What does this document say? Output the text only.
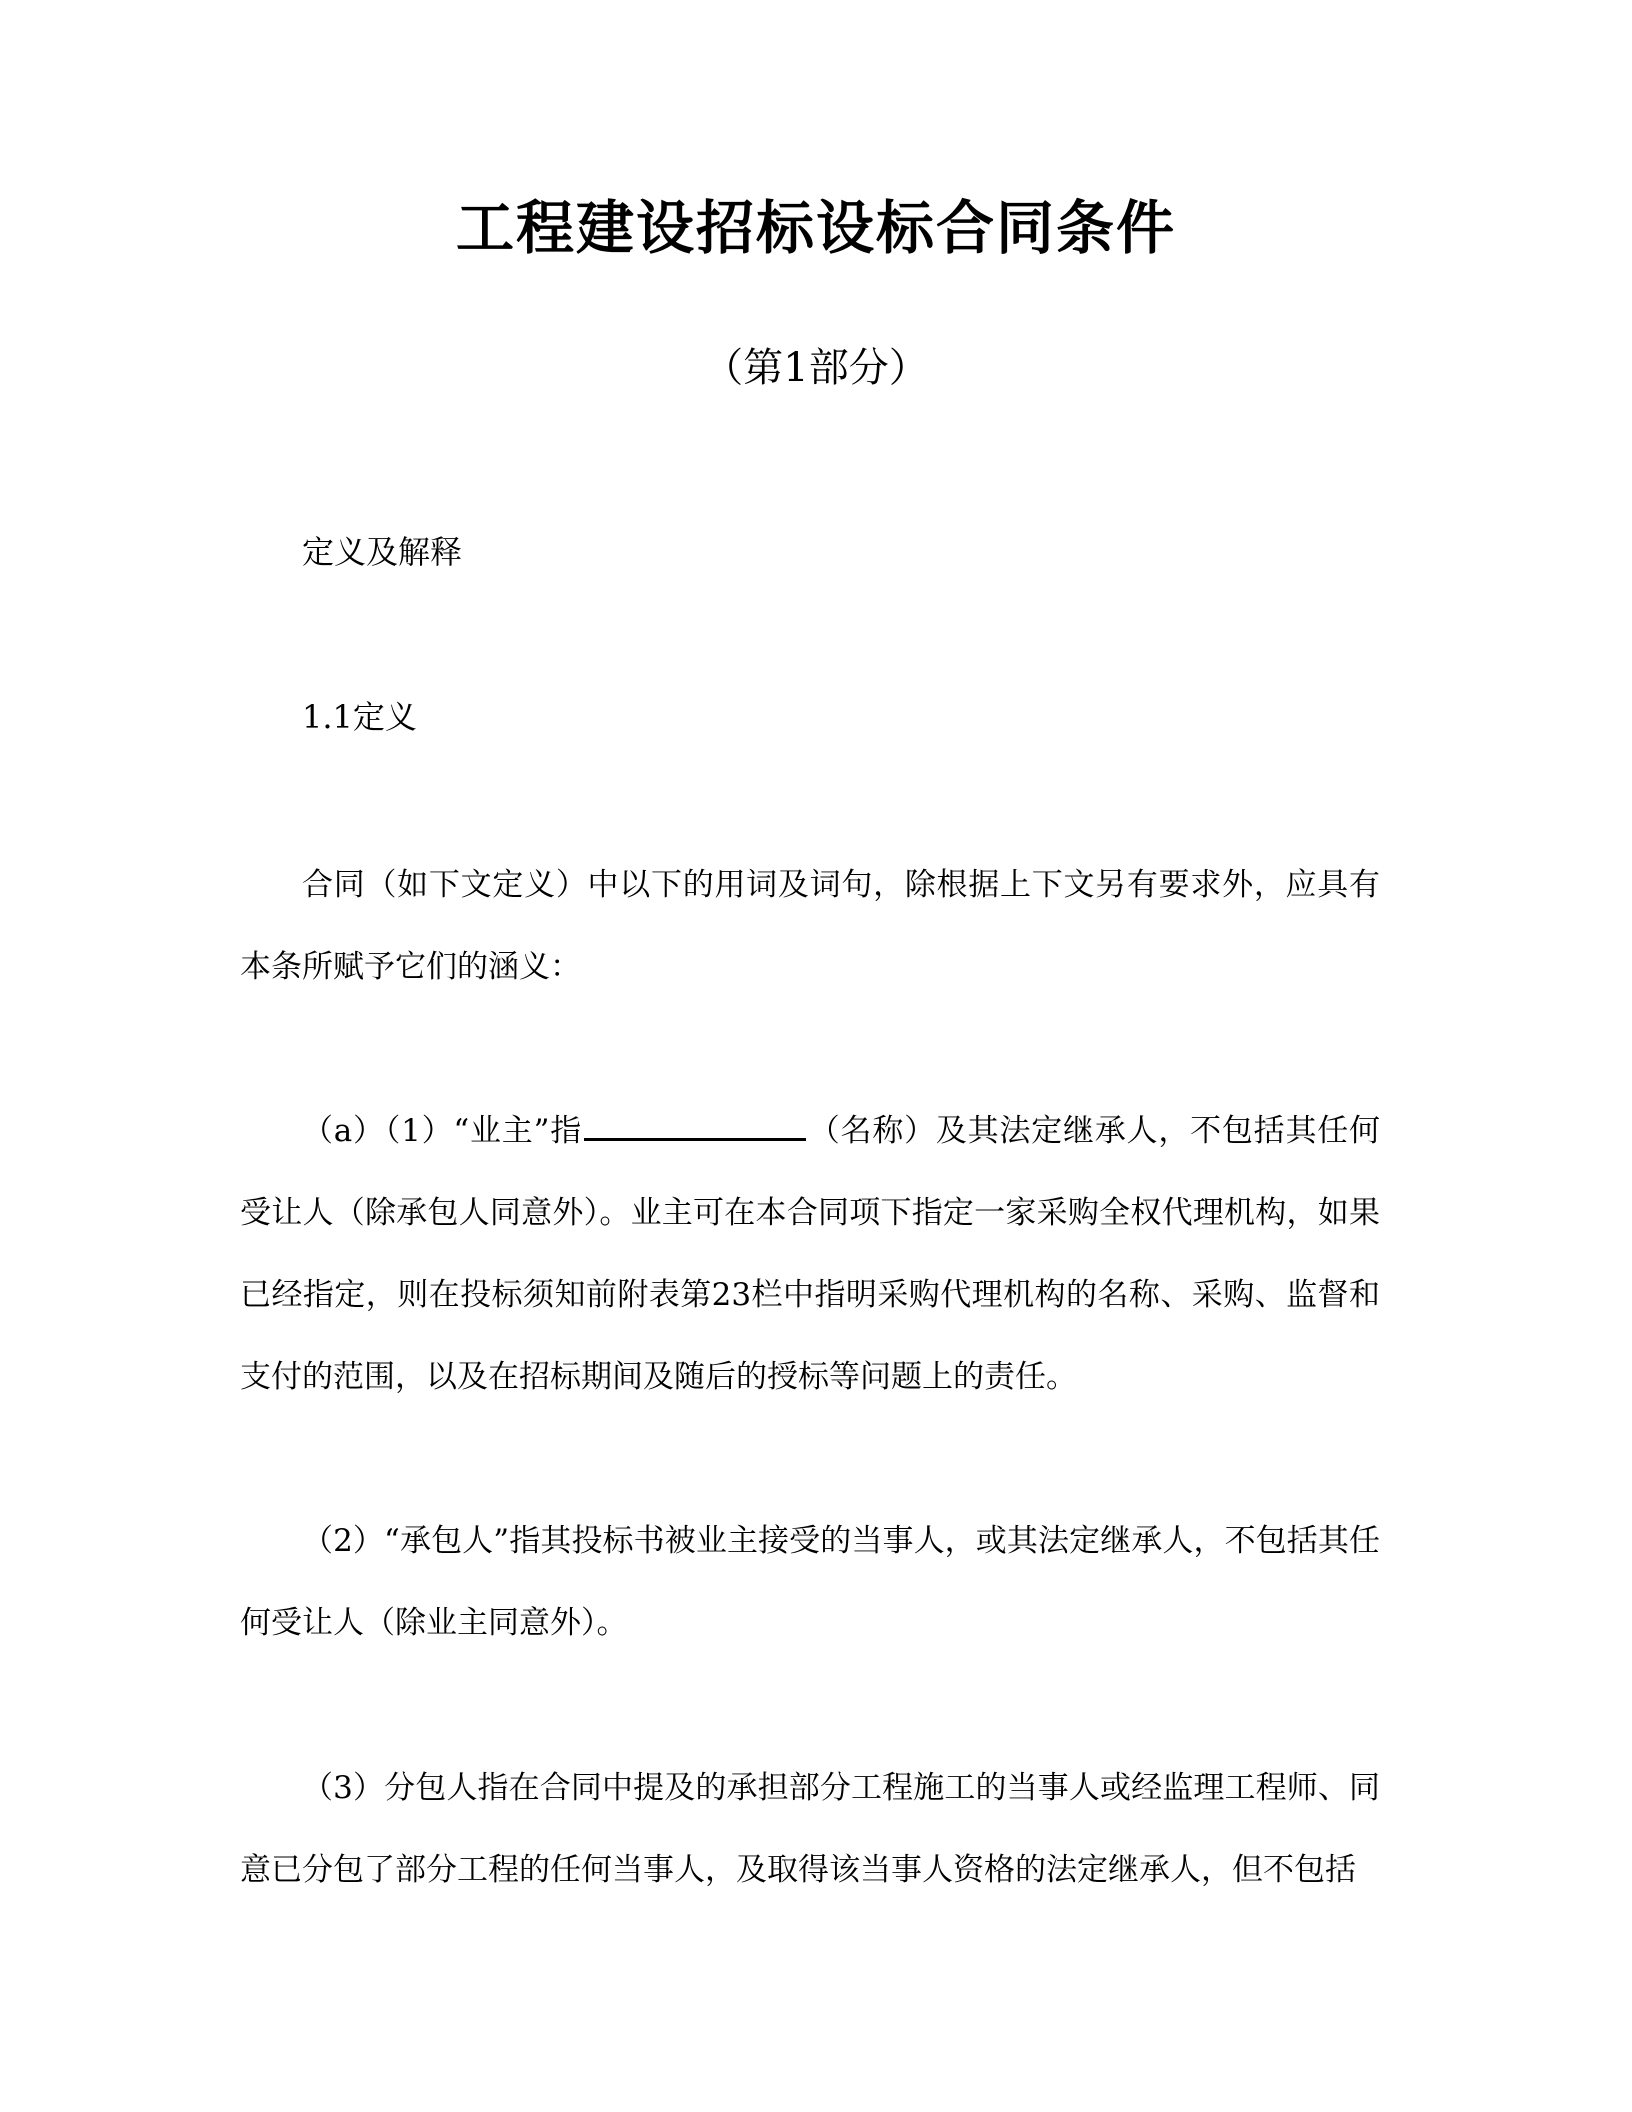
工程建设招标设标合同条件
（第1部分）
定义及解释
1.1定义

合同（如下文定义）中以下的用词及词句，除根据上下文另有要求外，应具有本条所赋予它们的涵义：

（a）（1）“业主”指	（名称）及其法定继承人，不包括其任何受让人（除承包人同意外）。业主可在本合同项下指定一家采购全权代理机构，如果已经指定，则在投标须知前附表第23栏中指明采购代理机构的名称、采购、监督和支付的范围，以及在招标期间及随后的授标等问题上的责任。

（2）“承包人”指其投标书被业主接受的当事人，或其法定继承人，不包括其任何受让人（除业主同意外）。

（3）分包人指在合同中提及的承担部分工程施工的当事人或经监理工程师、同意已分包了部分工程的任何当事人，及取得该当事人资格的法定继承人，但不包括
